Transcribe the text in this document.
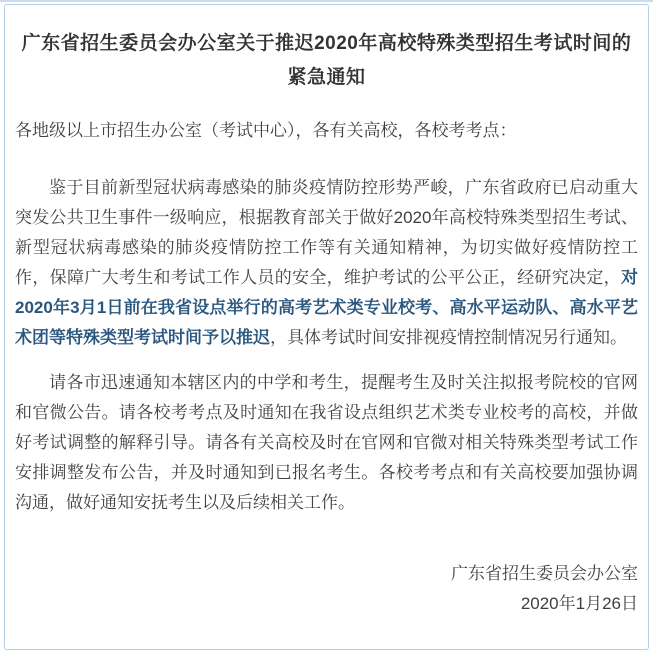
广东省招生委员会办公室关于推迟2020年高校特殊类型招生考试时间的
紧急通知
各地级以上市招生办公室（考试中心），各有关高校，各校考考点：

鉴于目前新型冠状病毒感染的肺炎疫情防控形势严峻，广东省政府已启动重大突发公共卫生事件一级响应，根据教育部关于做好2020年高校特殊类型招生考试、新型冠状病毒感染的肺炎疫情防控工作等有关通知精神，为切实做好疫情防控工作，保障广大考生和考试工作人员的安全，维护考试的公平公正，经研究决定，对2020年3月1日前在我省设点举行的高考艺术类专业校考、高水平运动队、高水平艺术团等特殊类型考试时间予以推迟，具体考试时间安排视疫情控制情况另行通知。

请各市迅速通知本辖区内的中学和考生，提醒考生及时关注拟报考院校的官网和官微公告。请各校考考点及时通知在我省设点组织艺术类专业校考的高校，并做好考试调整的解释引导。请各有关高校及时在官网和官微对相关特殊类型考试工作安排调整发布公告，并及时通知到已报名考生。各校考考点和有关高校要加强协调沟通，做好通知安抚考生以及后续相关工作。

广东省招生委员会办公室
2020年1月26日
